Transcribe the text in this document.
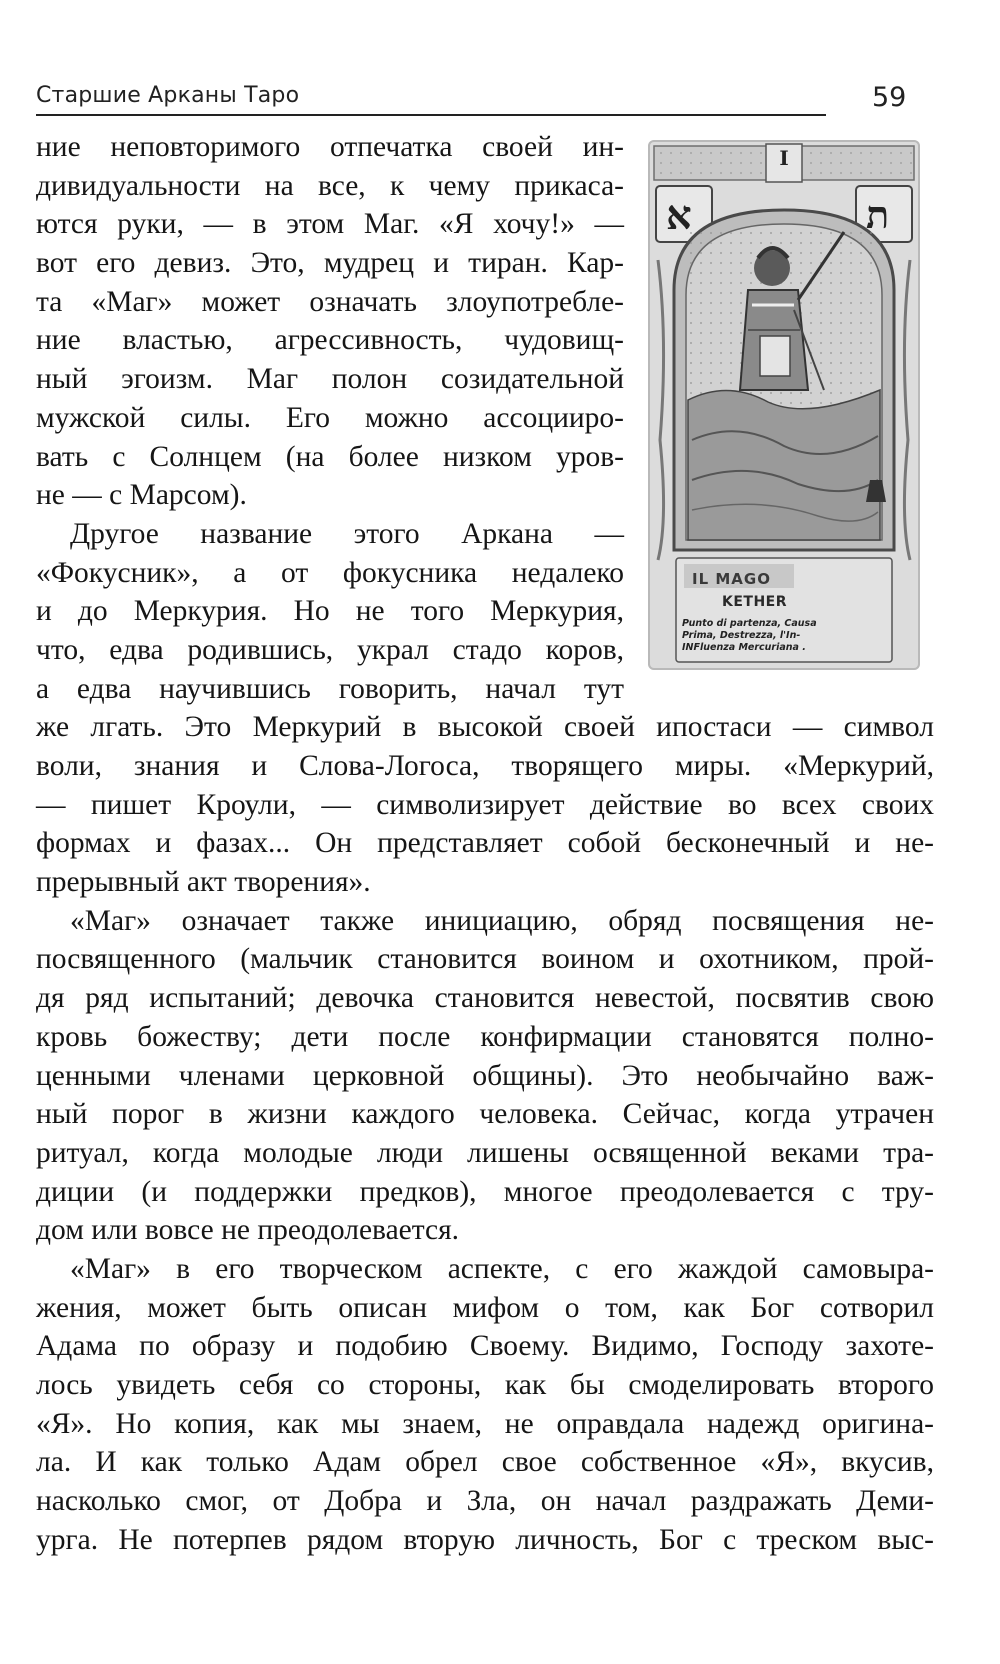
Старшие Арканы Таро	59
I
א	ת
IL MAGO
KETHER
Punto di partenza, Causa
Prima, Destrezza, l'In-
INFluenza Mercuriana .
ние неповторимого отпечатка своей ин-
дивидуальности на все, к чему прикаса-
ются руки, — в этом Маг. «Я хочу!» —
вот его девиз. Это, мудрец и тиран. Кар-
та «Маг» может означать злоупотребле-
ние властью, агрессивность, чудовищ-
ный эгоизм. Маг полон созидательной
мужской силы. Его можно ассоцииро-
вать с Солнцем (на более низком уров-
не — с Марсом).
Другое название этого Аркана —
«Фокусник», а от фокусника недалеко
и до Меркурия. Но не того Меркурия,
что, едва родившись, украл стадо коров,
а едва научившись говорить, начал тут
же лгать. Это Меркурий в высокой своей ипостаси — символ
воли, знания и Слова-Логоса, творящего миры. «Меркурий,
— пишет Кроули, — символизирует действие во всех своих
формах и фазах... Он представляет собой бесконечный и не-
прерывный акт творения».
«Маг» означает также инициацию, обряд посвящения не-
посвященного (мальчик становится воином и охотником, прой-
дя ряд испытаний; девочка становится невестой, посвятив свою
кровь божеству; дети после конфирмации становятся полно-
ценными членами церковной общины). Это необычайно важ-
ный порог в жизни каждого человека. Сейчас, когда утрачен
ритуал, когда молодые люди лишены освященной веками тра-
диции (и поддержки предков), многое преодолевается с тру-
дом или вовсе не преодолевается.
«Маг» в его творческом аспекте, с его жаждой самовыра-
жения, может быть описан мифом о том, как Бог сотворил
Адама по образу и подобию Своему. Видимо, Господу захоте-
лось увидеть себя со стороны, как бы смоделировать второго
«Я». Но копия, как мы знаем, не оправдала надежд оригина-
ла. И как только Адам обрел свое собственное «Я», вкусив,
насколько смог, от Добра и Зла, он начал раздражать Деми-
урга. Не потерпев рядом вторую личность, Бог с треском выс-
